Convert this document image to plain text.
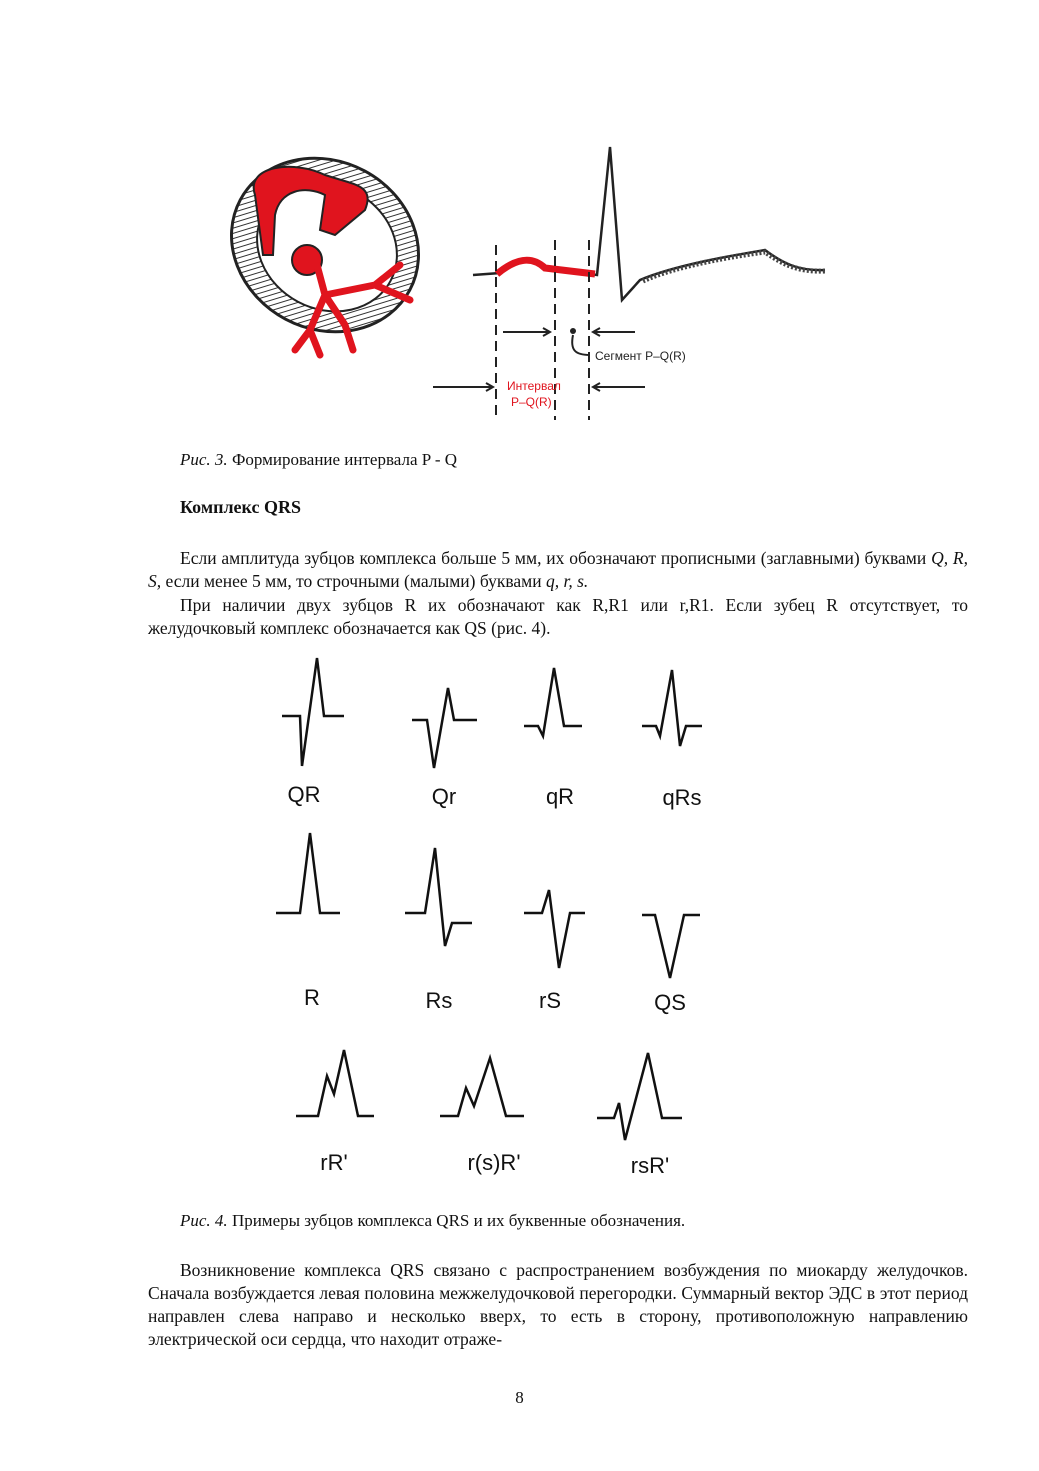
Сегмент P–Q(R)
Интервал
P–Q(R)
Рис. 3. Формирование интервала P - Q
Комплекс QRS

Если амплитуда зубцов комплекса больше 5 мм, их обозначают прописными (заглавными) буквами Q, R, S, если менее 5 мм, то строчными (малыми) буквами q, r, s.

При наличии двух зубцов R их обозначают как R,R1 или r,R1. Если зубец R отсутствует, то желудочковый комплекс обозначается как QS (рис. 4).

QR	Qr	qR	qRs
R	Rs	rS	QS
rR'	r(s)R'	rsR'
Рис. 4. Примеры зубцов комплекса QRS и их буквенные обозначения.

Возникновение комплекса QRS связано с распространением возбуждения по миокарду желудочков. Сначала возбуждается левая половина межжелудочковой перегородки. Суммарный вектор ЭДС в этот период направлен слева направо и несколько вверх, то есть в сторону, противоположную направлению электрической оси сердца, что находит отраже-

8
